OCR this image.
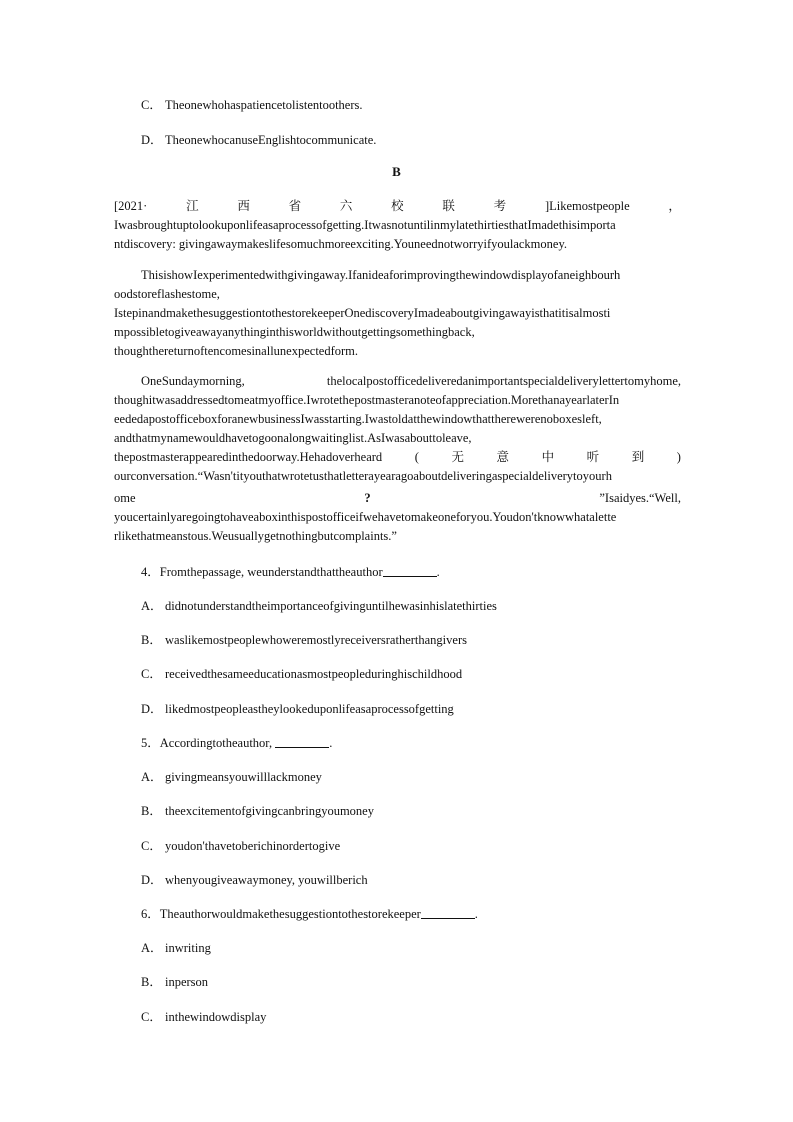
C． Theonewhohaspatiencetolistentoothers.
D． TheonewhocanuseEnglishtocommunicate.
B
[2021·	江	西	省	六	校	联	考	]Likemostpeople	，
Iwasbroughtuptolookuponlifeasaprocessofgetting.ItwasnotuntilinmylatethirtiesthatImadethisimporta
ntdiscovery: givingawaymakeslifesomuchmoreexciting.Youneednotworryifyoulackmoney.
ThisishowIexperimentedwithgivingaway.Ifanideaforimprovingthewindowdisplayofaneighbourh
oodstoreflashestome,
IstepinandmakethesuggestiontothestorekeeperOnediscoveryImadeaboutgivingawayisthatitisalmosti
mpossibletogiveawayanythinginthisworldwithoutgettingsomethingback,
thoughthereturnoftencomesinallunexpectedform.
OneSundaymorning,	thelocalpostofficedeliveredanimportantspecialdeliverylettertomyhome,
thoughitwasaddressedtomeatmyoffice.Iwrotethepostmasteranoteofappreciation.MorethanayearlaterIn
eededapostofficeboxforanewbusinessIwasstarting.Iwastoldatthewindowthattherewerenoboxesleft,
andthatmynamewouldhavetogoonalongwaitinglist.AsIwasabouttoleave,
thepostmasterappearedinthedoorway.Hehadoverheard	(	无	意	中	听	到	)
ourconversation.“Wasn'tityouthatwrotetusthatletterayearagoaboutdeliveringaspecialdeliverytoyourh
ome	?	”Isaidyes.“Well,
youcertainlyaregoingtohaveaboxinthispostofficeifwehavetomakeoneforyou.Youdon'tknowwhatalette
rlikethatmeanstous.Weusuallygetnothingbutcomplaints.”
4．Fromthepassage, weunderstandthattheauthor	.
A． didnotunderstandtheimportanceofgivinguntilhewasinhislatethirties
B． waslikemostpeoplewhoweremostlyreceiversratherthangivers
C． receivedthesameeducationasmostpeopleduringhischildhood
D． likedmostpeopleastheylookeduponlifeasaprocessofgetting
5．Accordingtotheauthor,	.
A． givingmeansyouwilllackmoney
B． theexcitementofgivingcanbringyoumoney
C． youdon'thavetoberichinordertogive
D． whenyougiveawaymoney, youwillberich
6．Theauthorwouldmakethesuggestiontothestorekeeper	.
A． inwriting
B． inperson
C． inthewindowdisplay
